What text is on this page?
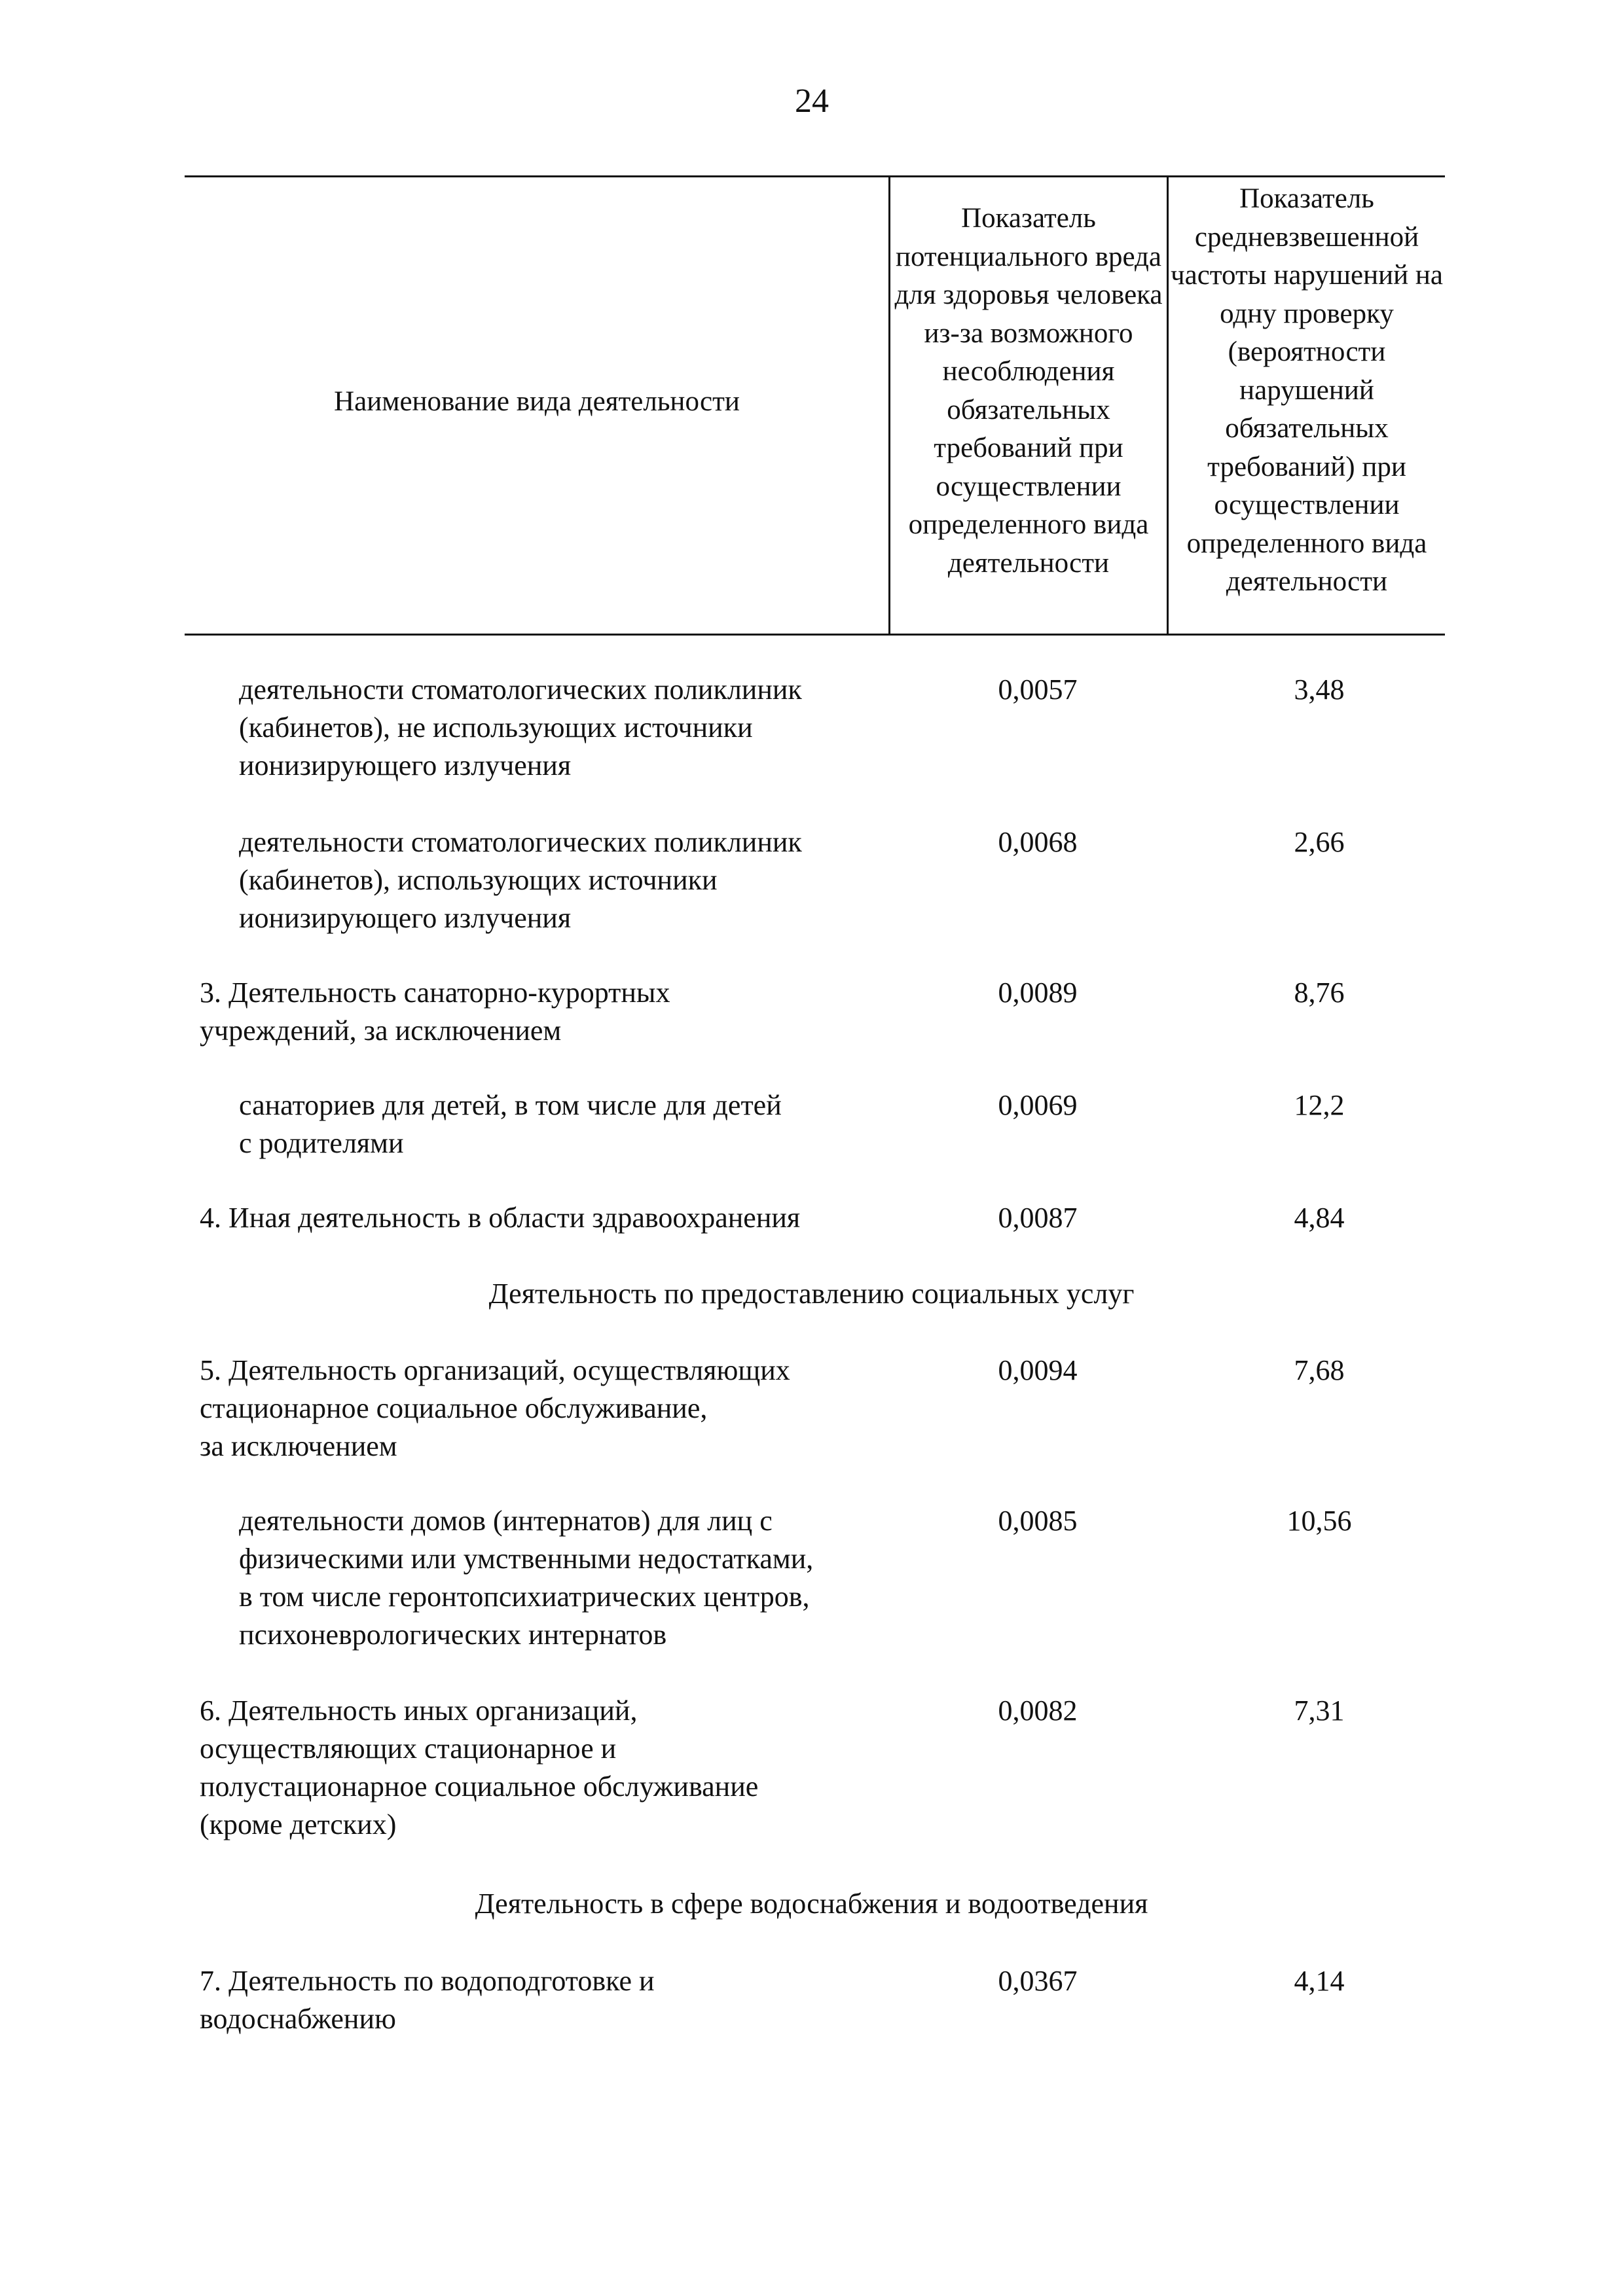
24
Наименование вида деятельности
Показатель потенциального вреда для здоровья человека из-за возможного несоблюдения обязательных требований при осуществлении определенного вида деятельности
Показатель средневзвешенной частоты нарушений на одну проверку (вероятности нарушений обязательных требований) при осуществлении определенного вида деятельности
деятельности стоматологических поликлиник
(кабинетов), не использующих источники
ионизирующего излучения
0,0057	3,48
деятельности стоматологических поликлиник
(кабинетов), использующих источники
ионизирующего излучения
0,0068	2,66
3. Деятельность санаторно-курортных
учреждений, за исключением
0,0089	8,76
санаториев для детей, в том числе для детей
с родителями
0,0069	12,2
4. Иная деятельность в области здравоохранения	0,0087	4,84
Деятельность по предоставлению социальных услуг
5. Деятельность организаций, осуществляющих
стационарное социальное обслуживание,
за исключением
0,0094	7,68
деятельности домов (интернатов) для лиц с
физическими или умственными недостатками,
в том числе геронтопсихиатрических центров,
психоневрологических интернатов
0,0085	10,56
6. Деятельность иных организаций,
осуществляющих стационарное и
полустационарное социальное обслуживание
(кроме детских)
0,0082	7,31
Деятельность в сфере водоснабжения и водоотведения
7. Деятельность по водоподготовке и
водоснабжению
0,0367	4,14
